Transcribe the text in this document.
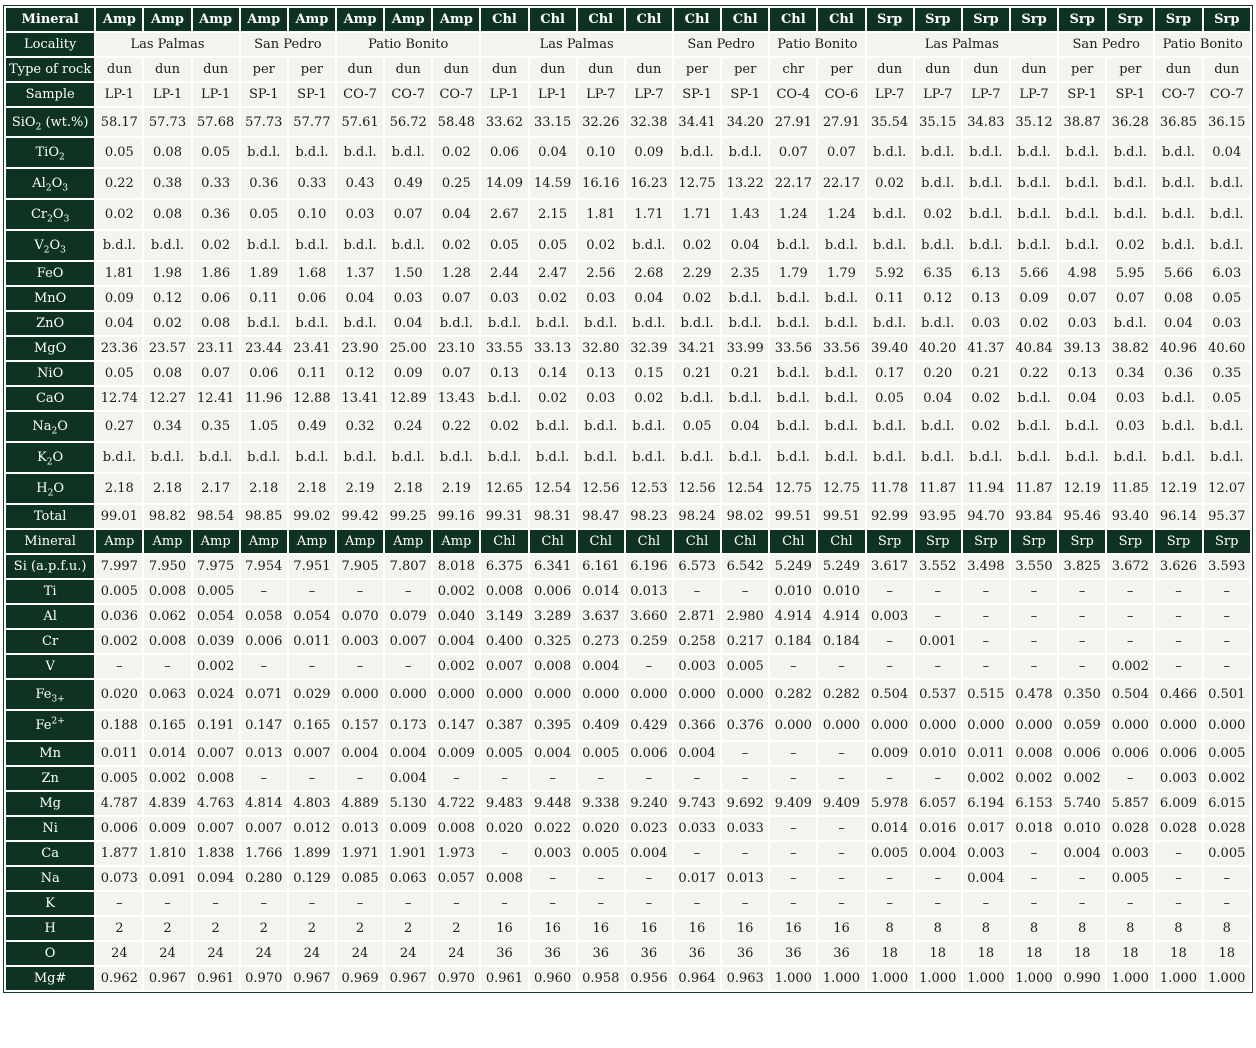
Mineral	Amp	Amp	Amp	Amp	Amp	Amp	Amp	Amp	Chl	Chl	Chl	Chl	Chl	Chl	Chl	Chl	Srp	Srp	Srp	Srp	Srp	Srp	Srp	Srp
Locality	Las Palmas			San Pedro		Patio Bonito			Las Palmas				San Pedro		Patio Bonito		Las Palmas				San Pedro		Patio Bonito	
Type of rock	dun	dun	dun	per	per	dun	dun	dun	dun	dun	dun	dun	per	per	chr	per	dun	dun	dun	dun	per	per	dun	dun
Sample	LP-1	LP-1	LP-1	SP-1	SP-1	CO-7	CO-7	CO-7	LP-1	LP-1	LP-7	LP-7	SP-1	SP-1	CO-4	CO-6	LP-7	LP-7	LP-7	LP-7	SP-1	SP-1	CO-7	CO-7
SiO$_2$ (wt.%)	58.17	57.73	57.68	57.73	57.77	57.61	56.72	58.48	33.62	33.15	32.26	32.38	34.41	34.20	27.91	27.91	35.54	35.15	34.83	35.12	38.87	36.28	36.85	36.15
TiO$_2$	0.05	0.08	0.05	b.d.l.	b.d.l.	b.d.l.	b.d.l.	0.02	0.06	0.04	0.10	0.09	b.d.l.	b.d.l.	0.07	0.07	b.d.l.	b.d.l.	b.d.l.	b.d.l.	b.d.l.	b.d.l.	b.d.l.	0.04
$Al_2O_3$	0.22	0.38	0.33	0.36	0.33	0.43	0.49	0.25	14.09	14.59	16.16	16.23	12.75	13.22	22.17	22.17	0.02	b.d.l.	b.d.l.	b.d.l.	b.d.l.	b.d.l.	b.d.l.	b.d.l.
$Cr_2O_3$	0.02	0.08	0.36	0.05	0.10	0.03	0.07	0.04	2.67	2.15	1.81	1.71	1.71	1.43	1.24	1.24	b.d.l.	0.02	b.d.l.	b.d.l.	b.d.l.	b.d.l.	b.d.l.	b.d.l.
$V_2O_3$	b.d.l.	b.d.l.	0.02	b.d.l.	b.d.l.	b.d.l.	b.d.l.	0.02	0.05	0.05	0.02	b.d.l.	0.02	0.04	b.d.l.	b.d.l.	b.d.l.	b.d.l.	b.d.l.	b.d.l.	b.d.l.	0.02	b.d.l.	b.d.l.
FeO	1.81	1.98	1.86	1.89	1.68	1.37	1.50	1.28	2.44	2.47	2.56	2.68	2.29	2.35	1.79	1.79	5.92	6.35	6.13	5.66	4.98	5.95	5.66	6.03
MnO	0.09	0.12	0.06	0.11	0.06	0.04	0.03	0.07	0.03	0.02	0.03	0.04	0.02	b.d.l.	b.d.l.	b.d.l.	0.11	0.12	0.13	0.09	0.07	0.07	0.08	0.05
ZnO	0.04	0.02	0.08	b.d.l.	b.d.l.	b.d.l.	0.04	b.d.l.	b.d.l.	b.d.l.	b.d.l.	b.d.l.	b.d.l.	b.d.l.	b.d.l.	b.d.l.	b.d.l.	b.d.l.	0.03	0.02	0.03	b.d.l.	0.04	0.03
MgO	23.36	23.57	23.11	23.44	23.41	23.90	25.00	23.10	33.55	33.13	32.80	32.39	34.21	33.99	33.56	33.56	39.40	40.20	41.37	40.84	39.13	38.82	40.96	40.60
NiO	0.05	0.08	0.07	0.06	0.11	0.12	0.09	0.07	0.13	0.14	0.13	0.15	0.21	0.21	b.d.l.	b.d.l.	0.17	0.20	0.21	0.22	0.13	0.34	0.36	0.35
CaO	12.74	12.27	12.41	11.96	12.88	13.41	12.89	13.43	b.d.l.	0.02	0.03	0.02	b.d.l.	b.d.l.	b.d.l.	b.d.l.	0.05	0.04	0.02	b.d.l.	0.04	0.03	b.d.l.	0.05
$Na_2O$	0.27	0.34	0.35	1.05	0.49	0.32	0.24	0.22	0.02	b.d.l.	b.d.l.	b.d.l.	0.05	0.04	b.d.l.	b.d.l.	b.d.l.	b.d.l.	0.02	b.d.l.	b.d.l.	0.03	b.d.l.	b.d.l.
$K_2O$	b.d.l.	b.d.l.	b.d.l.	b.d.l.	b.d.l.	b.d.l.	b.d.l.	b.d.l.	b.d.l.	b.d.l.	b.d.l.	b.d.l.	b.d.l.	b.d.l.	b.d.l.	b.d.l.	b.d.l.	b.d.l.	b.d.l.	b.d.l.	b.d.l.	b.d.l.	b.d.l.	b.d.l.
$H_2O$	2.18	2.18	2.17	2.18	2.18	2.19	2.18	2.19	12.65	12.54	12.56	12.53	12.56	12.54	12.75	12.75	11.78	11.87	11.94	11.87	12.19	11.85	12.19	12.07
Total	99.01	98.82	98.54	98.85	99.02	99.42	99.25	99.16	99.31	98.31	98.47	98.23	98.24	98.02	99.51	99.51	92.99	93.95	94.70	93.84	95.46	93.40	96.14	95.37
Mineral	Amp	Amp	Amp	Amp	Amp	Amp	Amp	Amp	Chl	Chl	Chl	Chl	Chl	Chl	Chl	Chl	Srp	Srp	Srp	Srp	Srp	Srp	Srp	Srp
Si (a.p.f.u.)	7.997	7.950	7.975	7.954	7.951	7.905	7.807	8.018	6.375	6.341	6.161	6.196	6.573	6.542	5.249	5.249	3.617	3.552	3.498	3.550	3.825	3.672	3.626	3.593
Ti	0.005	0.008	0.005	–	–	–	–	0.002	0.008	0.006	0.014	0.013	–	–	0.010	0.010	–	–	–	–	–	–	–	–
Al	0.036	0.062	0.054	0.058	0.054	0.070	0.079	0.040	3.149	3.289	3.637	3.660	2.871	2.980	4.914	4.914	0.003	–	–	–	–	–	–	–
Cr	0.002	0.008	0.039	0.006	0.011	0.003	0.007	0.004	0.400	0.325	0.273	0.259	0.258	0.217	0.184	0.184	–	0.001	–	–	–	–	–	–
V	–	–	0.002	–	–	–	–	0.002	0.007	0.008	0.004	–	0.003	0.005	–	–	–	–	–	–	–	0.002	–	–
$Fe_{3+}$	0.020	0.063	0.024	0.071	0.029	0.000	0.000	0.000	0.000	0.000	0.000	0.000	0.000	0.000	0.282	0.282	0.504	0.537	0.515	0.478	0.350	0.504	0.466	0.501
$Fe^{2+}$	0.188	0.165	0.191	0.147	0.165	0.157	0.173	0.147	0.387	0.395	0.409	0.429	0.366	0.376	0.000	0.000	0.000	0.000	0.000	0.000	0.059	0.000	0.000	0.000
Mn	0.011	0.014	0.007	0.013	0.007	0.004	0.004	0.009	0.005	0.004	0.005	0.006	0.004	–	–	–	0.009	0.010	0.011	0.008	0.006	0.006	0.006	0.005
Zn	0.005	0.002	0.008	–	–	–	0.004	–	–	–	–	–	–	–	–	–	–	–	0.002	0.002	0.002	–	0.003	0.002
Mg	4.787	4.839	4.763	4.814	4.803	4.889	5.130	4.722	9.483	9.448	9.338	9.240	9.743	9.692	9.409	9.409	5.978	6.057	6.194	6.153	5.740	5.857	6.009	6.015
Ni	0.006	0.009	0.007	0.007	0.012	0.013	0.009	0.008	0.020	0.022	0.020	0.023	0.033	0.033	–	–	0.014	0.016	0.017	0.018	0.010	0.028	0.028	0.028
Ca	1.877	1.810	1.838	1.766	1.899	1.971	1.901	1.973	–	0.003	0.005	0.004	–	–	–	–	0.005	0.004	0.003	–	0.004	0.003	–	0.005
Na	0.073	0.091	0.094	0.280	0.129	0.085	0.063	0.057	0.008	–	–	–	0.017	0.013	–	–	–	–	0.004	–	–	0.005	–	–
K	–	–	–	–	–	–	–	–	–	–	–	–	–	–	–	–	–	–	–	–	–	–	–	–
H	2	2	2	2	2	2	2	2	16	16	16	16	16	16	16	16	8	8	8	8	8	8	8	8
O	24	24	24	24	24	24	24	24	36	36	36	36	36	36	36	36	18	18	18	18	18	18	18	18
Mg#	0.962	0.967	0.961	0.970	0.967	0.969	0.967	0.970	0.961	0.960	0.958	0.956	0.964	0.963	1.000	1.000	1.000	1.000	1.000	1.000	0.990	1.000	1.000	1.000
